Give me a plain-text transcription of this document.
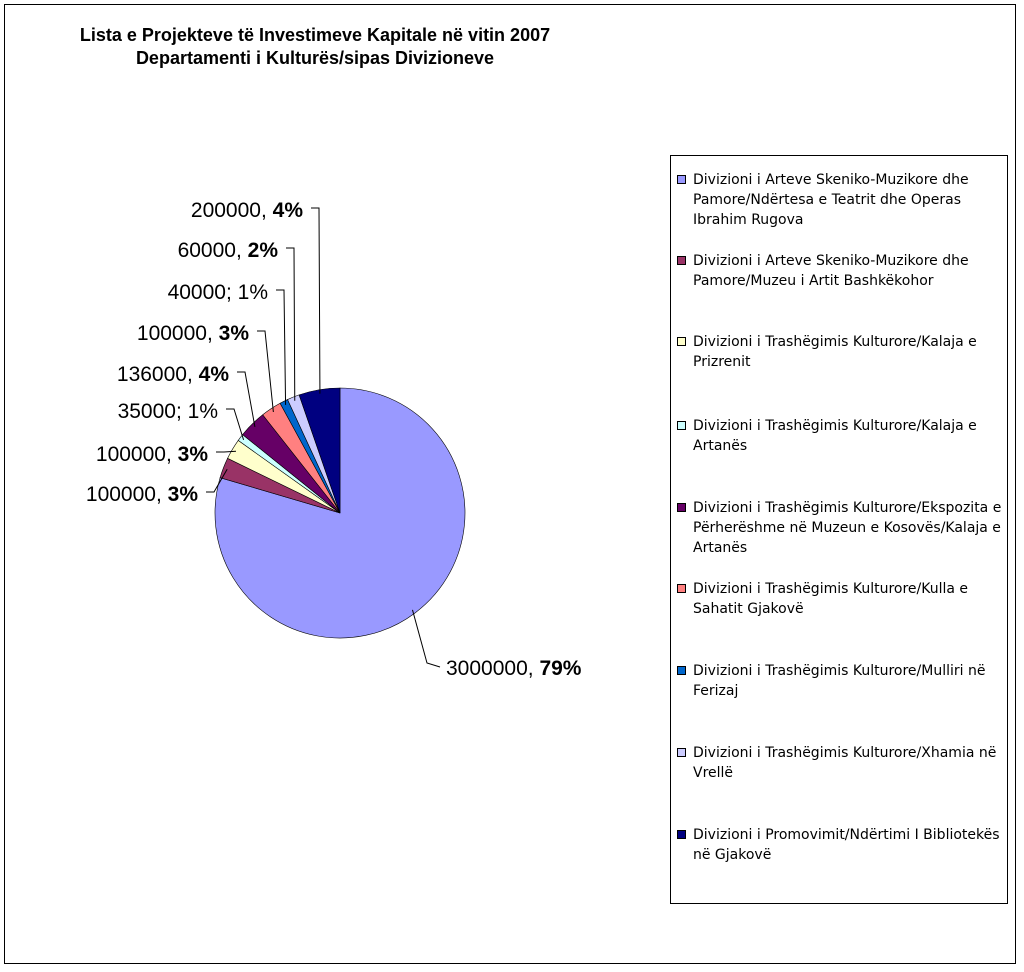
Lista e Projekteve të Investimeve Kapitale në vitin 2007
Departamenti i Kulturës/sipas Divizioneve
3000000, 79%
100000, 3%
100000, 3%
35000; 1%
136000, 4%
100000, 3%
40000; 1%
60000, 2%
200000, 4%
Divizioni i Arteve Skeniko-Muzikore dhe Pamore/Ndërtesa e Teatrit dhe Operas Ibrahim Rugova
Divizioni i Arteve Skeniko-Muzikore dhe Pamore/Muzeu i Artit Bashkëkohor
Divizioni i Trashëgimis Kulturore/Kalaja e Prizrenit
Divizioni i Trashëgimis Kulturore/Kalaja e Artanës
Divizioni i Trashëgimis Kulturore/Ekspozita e Përherëshme në Muzeun e Kosovës/Kalaja e Artanës
Divizioni i Trashëgimis Kulturore/Kulla e Sahatit Gjakovë
Divizioni i Trashëgimis Kulturore/Mulliri në Ferizaj
Divizioni i Trashëgimis Kulturore/Xhamia në Vrellë
Divizioni i Promovimit/Ndërtimi I Bibliotekës në Gjakovë
